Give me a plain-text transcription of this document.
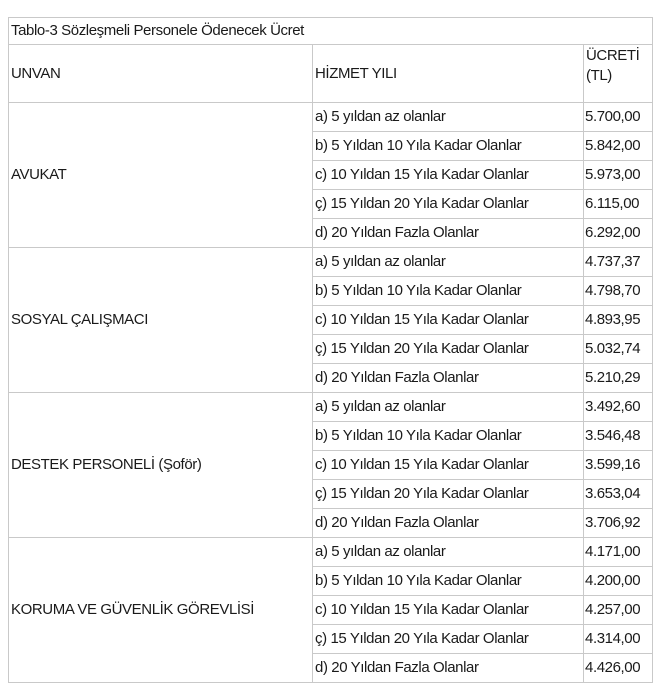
Tablo-3 Sözleşmeli Personele Ödenecek Ücret		
UNVAN	HİZMET YILI	ÜCRETİ
(TL)
AVUKAT	a) 5 yıldan az olanlar	5.700,00
	b) 5 Yıldan 10 Yıla Kadar Olanlar	5.842,00
	c) 10 Yıldan 15 Yıla Kadar Olanlar	5.973,00
	ç) 15 Yıldan 20 Yıla Kadar Olanlar	6.115,00
	d) 20 Yıldan Fazla Olanlar	6.292,00
SOSYAL ÇALIŞMACI	a) 5 yıldan az olanlar	4.737,37
	b) 5 Yıldan 10 Yıla Kadar Olanlar	4.798,70
	c) 10 Yıldan 15 Yıla Kadar Olanlar	4.893,95
	ç) 15 Yıldan 20 Yıla Kadar Olanlar	5.032,74
	d) 20 Yıldan Fazla Olanlar	5.210,29
DESTEK PERSONELİ (Şoför)	a) 5 yıldan az olanlar	3.492,60
	b) 5 Yıldan 10 Yıla Kadar Olanlar	3.546,48
	c) 10 Yıldan 15 Yıla Kadar Olanlar	3.599,16
	ç) 15 Yıldan 20 Yıla Kadar Olanlar	3.653,04
	d) 20 Yıldan Fazla Olanlar	3.706,92
KORUMA VE GÜVENLİK GÖREVLİSİ	a) 5 yıldan az olanlar	4.171,00
	b) 5 Yıldan 10 Yıla Kadar Olanlar	4.200,00
	c) 10 Yıldan 15 Yıla Kadar Olanlar	4.257,00
	ç) 15 Yıldan 20 Yıla Kadar Olanlar	4.314,00
	d) 20 Yıldan Fazla Olanlar	4.426,00
